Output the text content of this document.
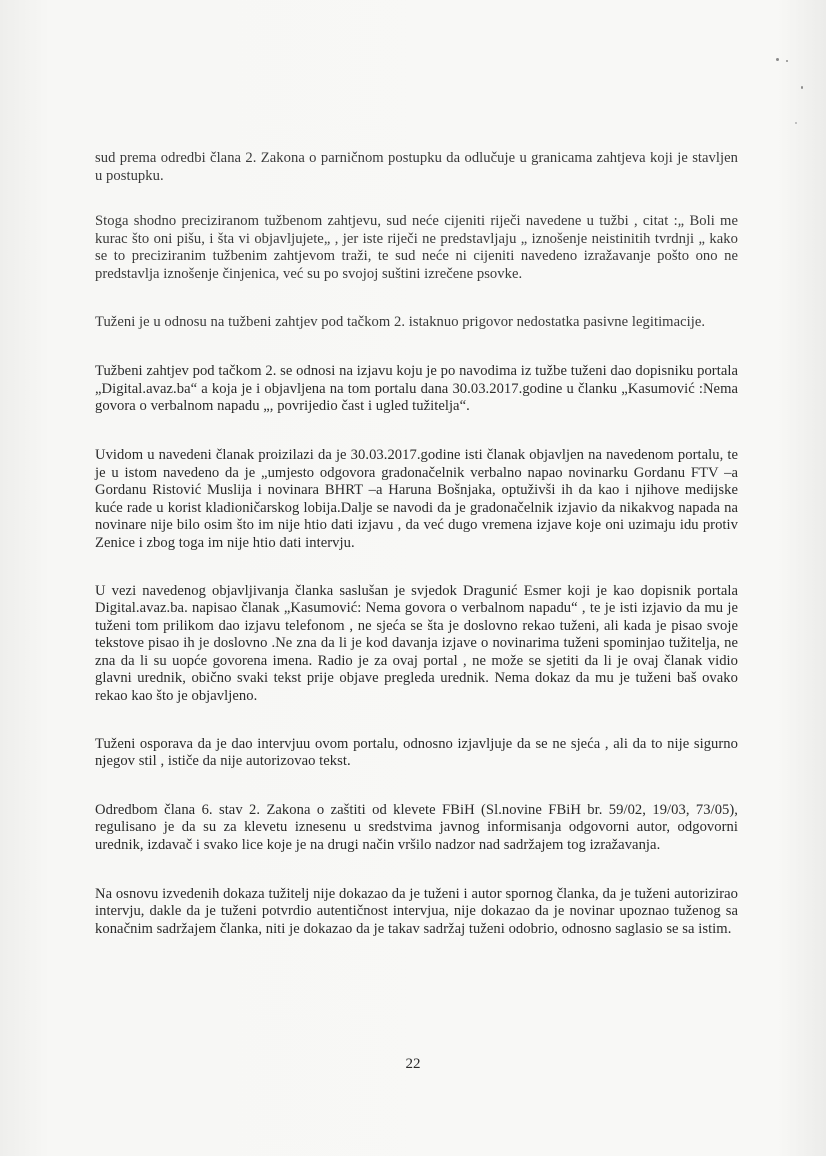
sud prema odredbi člana 2. Zakona o parničnom postupku da odlučuje u granicama zahtjeva koji je stavljen u postupku.

Stoga shodno preciziranom tužbenom zahtjevu, sud neće cijeniti riječi navedene u tužbi , citat :„ Boli me kurac što oni pišu, i šta vi objavljujete„ , jer iste riječi ne predstavljaju „ iznošenje neistinitih tvrdnji „ kako se to preciziranim tužbenim zahtjevom traži, te sud neće ni cijeniti navedeno izražavanje pošto ono ne predstavlja iznošenje činjenica, već su po svojoj suštini izrečene psovke.

Tuženi je u odnosu na tužbeni zahtjev pod tačkom 2. istaknuo prigovor nedostatka pasivne legitimacije.

Tužbeni zahtjev pod tačkom 2. se odnosi na izjavu koju je po navodima iz tužbe tuženi dao dopisniku portala „Digital.avaz.ba“ a koja je i objavljena na tom portalu dana 30.03.2017.godine u članku „Kasumović :Nema govora o verbalnom napadu „, povrijedio čast i ugled tužitelja“.

Uvidom u navedeni članak proizilazi da je 30.03.2017.godine isti članak objavljen na navedenom portalu, te je u istom navedeno da je „umjesto odgovora gradonačelnik verbalno napao novinarku Gordanu FTV –a Gordanu Ristović Muslija i novinara BHRT –a Haruna Bošnjaka, optuživši ih da kao i njihove medijske kuće rade u korist kladioničarskog lobija.Dalje se navodi da je gradonačelnik izjavio da nikakvog napada na novinare nije bilo osim što im nije htio dati izjavu , da već dugo vremena izjave koje oni uzimaju idu protiv Zenice i zbog toga im nije htio dati intervju.

U vezi navedenog objavljivanja članka saslušan je svjedok Dragunić Esmer koji je kao dopisnik portala Digital.avaz.ba. napisao članak „Kasumović: Nema govora o verbalnom napadu“ , te je isti izjavio da mu je tuženi tom prilikom dao izjavu telefonom , ne sjeća se šta je doslovno rekao tuženi, ali kada je pisao svoje tekstove pisao ih je doslovno .Ne zna da li je kod davanja izjave o novinarima tuženi spominjao tužitelja, ne zna da li su uopće govorena imena. Radio je za ovaj portal , ne može se sjetiti da li je ovaj članak vidio glavni urednik, obično svaki tekst prije objave pregleda urednik. Nema dokaz da mu je tuženi baš ovako rekao kao što je objavljeno.

Tuženi osporava da je dao intervjuu ovom portalu, odnosno izjavljuje da se ne sjeća , ali da to nije sigurno njegov stil , ističe da nije autorizovao tekst.

Odredbom člana 6. stav 2. Zakona o zaštiti od klevete FBiH (Sl.novine FBiH br. 59/02, 19/03, 73/05), regulisano je da su za klevetu iznesenu u sredstvima javnog informisanja odgovorni autor, odgovorni urednik, izdavač i svako lice koje je na drugi način vršilo nadzor nad sadržajem tog izražavanja.

Na osnovu izvedenih dokaza tužitelj nije dokazao da je tuženi i autor spornog članka, da je tuženi autorizirao intervju, dakle da je tuženi potvrdio autentičnost intervjua, nije dokazao da je novinar upoznao tuženog sa konačnim sadržajem članka, niti je dokazao da je takav sadržaj tuženi odobrio, odnosno saglasio se sa istim.

22
